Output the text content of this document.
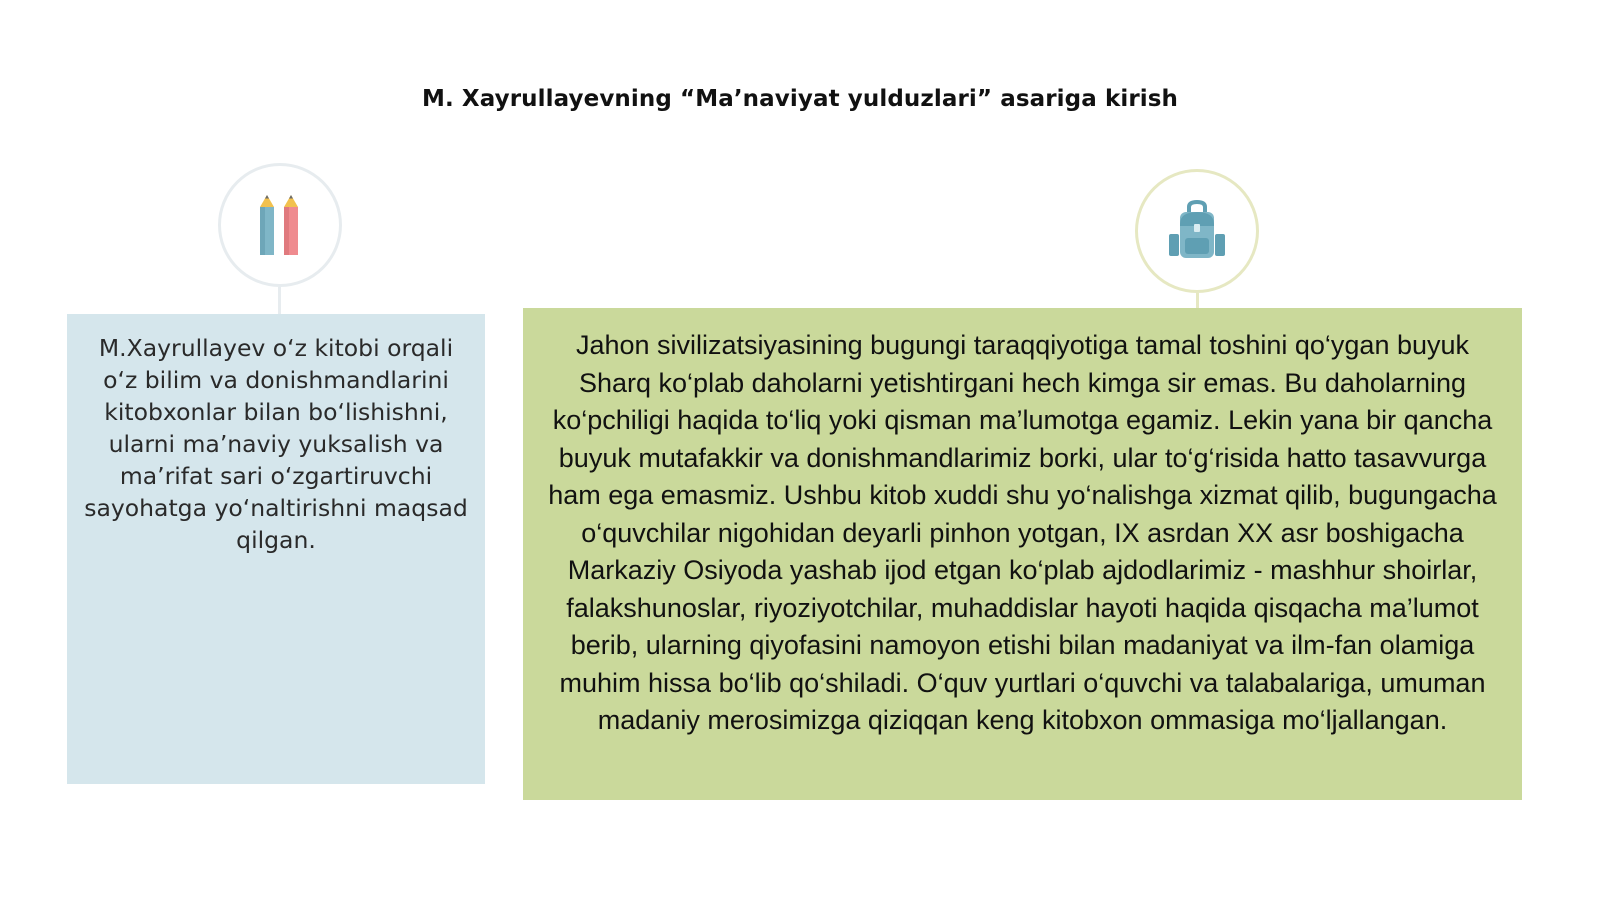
M. Xayrullayevning “Ma’naviyat yulduzlari” asariga kirish

M.Xayrullayev o‘z kitobi orqali o‘z bilim va donishmandlarini kitobxonlar bilan bo‘lishishni, ularni ma’naviy yuksalish va ma’rifat sari o‘zgartiruvchi sayohatga yo‘naltirishni maqsad qilgan.

Jahon sivilizatsiyasining bugungi taraqqiyotiga tamal toshini qo‘ygan buyuk Sharq ko‘plab daholarni yetishtirgani hech kimga sir emas. Bu daholarning ko‘pchiligi haqida to‘liq yoki qisman ma’lumotga egamiz. Lekin yana bir qancha buyuk mutafakkir va donishmandlarimiz borki, ular to‘g‘risida hatto tasavvurga ham ega emasmiz. Ushbu kitob xuddi shu yo‘nalishga xizmat qilib, bugungacha o‘quvchilar nigohidan deyarli pinhon yotgan, IX asrdan XX asr boshigacha Markaziy Osiyoda yashab ijod etgan ko‘plab ajdodlarimiz - mashhur shoirlar, falakshunoslar, riyoziyotchilar, muhaddislar hayoti haqida qisqacha ma’lumot berib, ularning qiyofasini namoyon etishi bilan madaniyat va ilm-fan olamiga muhim hissa bo‘lib qo‘shiladi. O‘quv yurtlari o‘quvchi va talabalariga, umuman madaniy merosimizga qiziqqan keng kitobxon ommasiga mo‘ljallangan.
